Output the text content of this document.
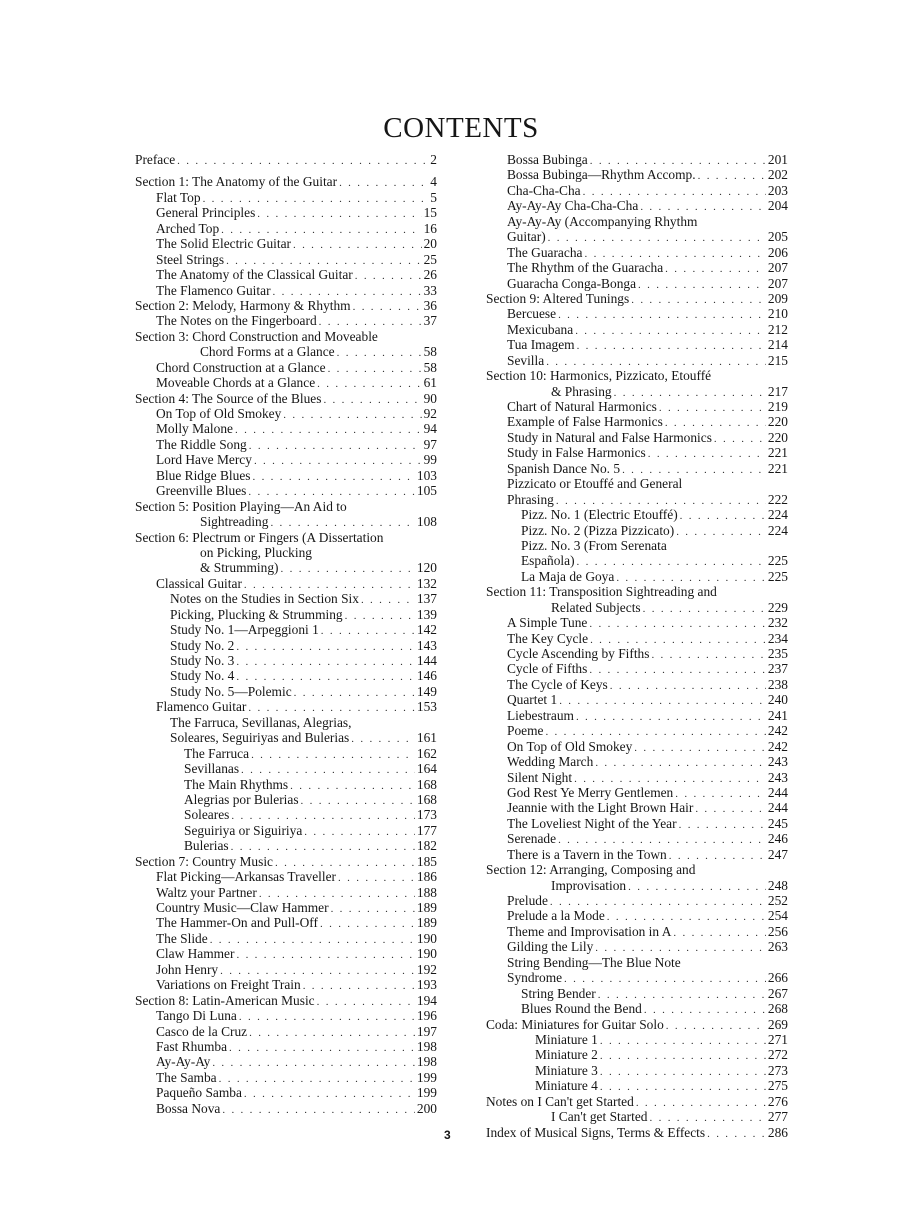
CONTENTS
Preface . . .	2
Section 1: The Anatomy of the Guitar . . .	4
Flat Top . . .	5
General Principles . . .	15
Arched Top . . .	16
The Solid Electric Guitar . . .	20
Steel Strings . . .	25
The Anatomy of the Classical Guitar . . .	26
The Flamenco Guitar . . .	33
Section 2: Melody, Harmony & Rhythm . . .	36
The Notes on the Fingerboard . . .	37
Section 3: Chord Construction and Moveable
Chord Forms at a Glance . . .	58
Chord Construction at a Glance . . .	58
Moveable Chords at a Glance . . .	61
Section 4: The Source of the Blues . . .	90
On Top of Old Smokey . . .	92
Molly Malone . . .	94
The Riddle Song . . .	97
Lord Have Mercy . . .	99
Blue Ridge Blues . . .	103
Greenville Blues . . .	105
Section 5: Position Playing—An Aid to
Sightreading . . .	108
Section 6: Plectrum or Fingers (A Dissertation
on Picking, Plucking
& Strumming) . . .	120
Classical Guitar . . .	132
Notes on the Studies in Section Six . . .	137
Picking, Plucking & Strumming . . .	139
Study No. 1—Arpeggioni 1 . . .	142
Study No. 2 . . .	143
Study No. 3 . . .	144
Study No. 4 . . .	146
Study No. 5—Polemic . . .	149
Flamenco Guitar . . .	153
The Farruca, Sevillanas, Alegrias,
Soleares, Seguiriyas and Bulerias . . .	161
The Farruca . . .	162
Sevillanas . . .	164
The Main Rhythms . . .	168
Alegrias por Bulerias . . .	168
Soleares . . .	173
Seguiriya or Siguiriya . . .	177
Bulerias . . .	182
Section 7: Country Music . . .	185
Flat Picking—Arkansas Traveller . . .	186
Waltz your Partner . . .	188
Country Music—Claw Hammer . . .	189
The Hammer-On and Pull-Off . . .	189
The Slide . . .	190
Claw Hammer . . .	190
John Henry . . .	192
Variations on Freight Train . . .	193
Section 8: Latin-American Music . . .	194
Tango Di Luna . . .	196
Casco de la Cruz . . .	197
Fast Rhumba . . .	198
Ay-Ay-Ay . . .	198
The Samba . . .	199
Paqueño Samba . . .	199
Bossa Nova . . .	200
Bossa Bubinga . . .	201
Bossa Bubinga—Rhythm Accomp. . . .	202
Cha-Cha-Cha . . .	203
Ay-Ay-Ay Cha-Cha-Cha . . .	204
Ay-Ay-Ay (Accompanying Rhythm
Guitar) . . .	205
The Guaracha . . .	206
The Rhythm of the Guaracha . . .	207
Guaracha Conga-Bonga . . .	207
Section 9: Altered Tunings . . .	209
Bercuese . . .	210
Mexicubana . . .	212
Tua Imagem . . .	214
Sevilla . . .	215
Section 10: Harmonics, Pizzicato, Etouffé
& Phrasing . . .	217
Chart of Natural Harmonics . . .	219
Example of False Harmonics . . .	220
Study in Natural and False Harmonics . . .	220
Study in False Harmonics . . .	221
Spanish Dance No. 5 . . .	221
Pizzicato or Etouffé and General
Phrasing . . .	222
Pizz. No. 1 (Electric Etouffé) . . .	224
Pizz. No. 2 (Pizza Pizzicato) . . .	224
Pizz. No. 3 (From Serenata
Española) . . .	225
La Maja de Goya . . .	225
Section 11: Transposition Sightreading and
Related Subjects . . .	229
A Simple Tune . . .	232
The Key Cycle . . .	234
Cycle Ascending by Fifths . . .	235
Cycle of Fifths . . .	237
The Cycle of Keys . . .	238
Quartet 1 . . .	240
Liebestraum . . .	241
Poeme . . .	242
On Top of Old Smokey . . .	242
Wedding March . . .	243
Silent Night . . .	243
God Rest Ye Merry Gentlemen . . .	244
Jeannie with the Light Brown Hair . . .	244
The Loveliest Night of the Year . . .	245
Serenade . . .	246
There is a Tavern in the Town . . .	247
Section 12: Arranging, Composing and
Improvisation . . .	248
Prelude . . .	252
Prelude a la Mode . . .	254
Theme and Improvisation in A . . .	256
Gilding the Lily . . .	263
String Bending—The Blue Note
Syndrome . . .	266
String Bender . . .	267
Blues Round the Bend . . .	268
Coda: Miniatures for Guitar Solo . . .	269
Miniature 1 . . .	271
Miniature 2 . . .	272
Miniature 3 . . .	273
Miniature 4 . . .	275
Notes on I Can't get Started . . .	276
I Can't get Started . . .	277
Index of Musical Signs, Terms & Effects . . .	286
3
